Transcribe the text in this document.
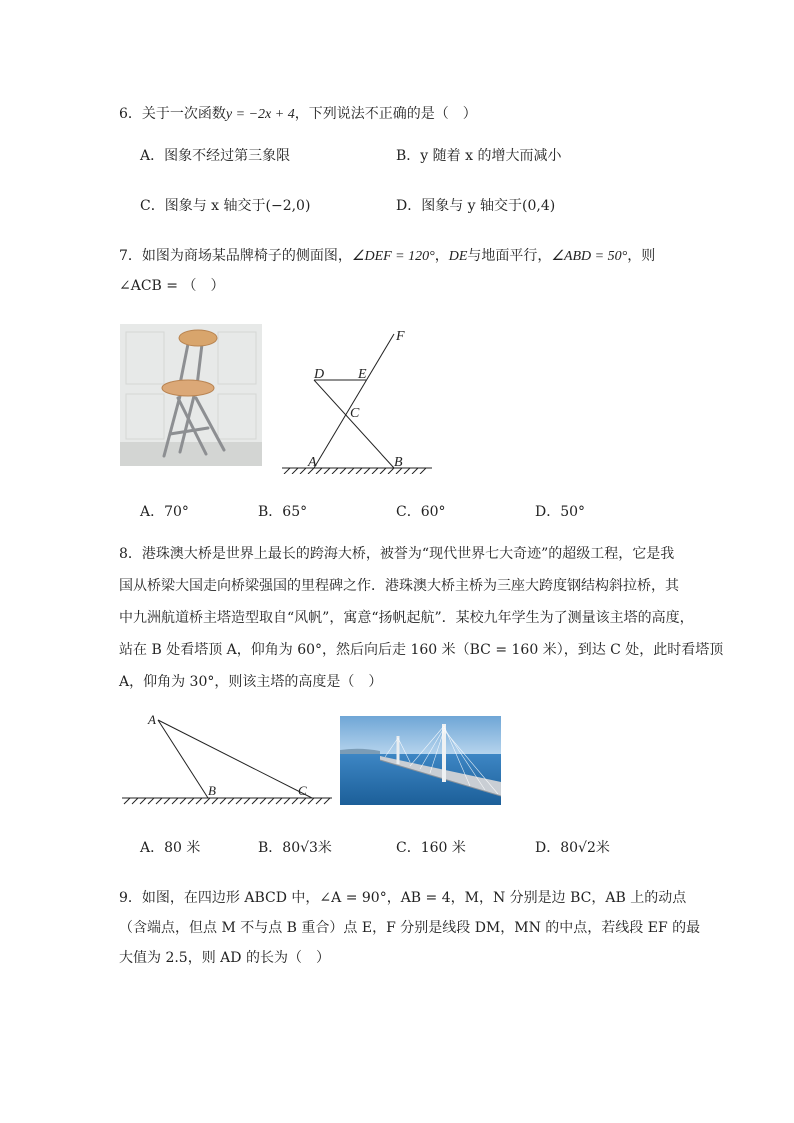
6．关于一次函数y = −2x + 4，下列说法不正确的是（　）
A．图象不经过第三象限	B．y 随着 x 的增大而减小
C．图象与 x 轴交于(−2,0)	D．图象与 y 轴交于(0,4)
7．如图为商场某品牌椅子的侧面图，∠DEF = 120°，DE与地面平行，∠ABD = 50°，则
∠ACB = （　）
A	B
C
D E
F
A．70°	B．65°	C．60°	D．50°
8．港珠澳大桥是世界上最长的跨海大桥，被誉为“现代世界七大奇迹”的超级工程，它是我
国从桥梁大国走向桥梁强国的里程碑之作．港珠澳大桥主桥为三座大跨度钢结构斜拉桥，其
中九洲航道桥主塔造型取自“风帆”，寓意“扬帆起航”．某校九年学生为了测量该主塔的高度，
站在 B 处看塔顶 A，仰角为 60°，然后向后走 160 米（BC = 160 米），到达 C 处，此时看塔顶
A，仰角为 30°，则该主塔的高度是（　）
A
B	C
A．80 米	B．80√3米	C．160 米	D．80√2米
9．如图，在四边形 ABCD 中，∠A = 90°，AB = 4，M，N 分别是边 BC，AB 上的动点
（含端点，但点 M 不与点 B 重合）点 E，F 分别是线段 DM，MN 的中点，若线段 EF 的最
大值为 2.5，则 AD 的长为（　）
